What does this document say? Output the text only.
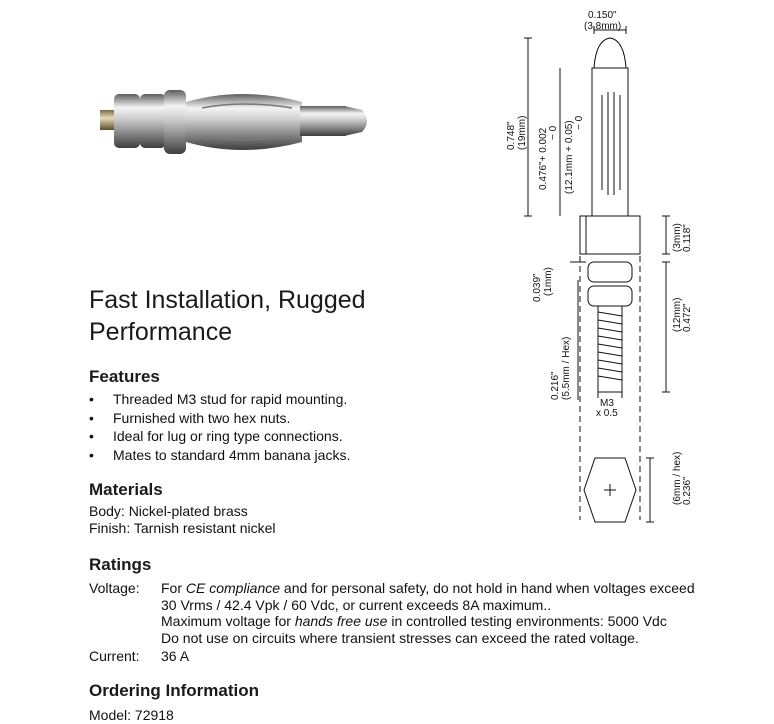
0.150"
(3.8mm)
0.748" (19mm) 0.476"+ 0.002 − 0 (12.1mm + 0.05) − 0
0.118"
(3mm)
0.039" (1mm)
0.472"
(12mm)
0.216" (5.5mm / Hex)
M3
x 0.5
0.236"
(6mm / hex)
Fast Installation, Rugged
Performance
Features
• Threaded M3 stud for rapid mounting.
• Furnished with two hex nuts.
• Ideal for lug or ring type connections.
• Mates to standard 4mm banana jacks.
Materials
Body: Nickel-plated brass
Finish: Tarnish resistant nickel
Ratings
Voltage: For CE compliance and for personal safety, do not hold in hand when voltages exceed
30 Vrms / 42.4 Vpk / 60 Vdc, or current exceeds 8A maximum..
Maximum voltage for hands free use in controlled testing environments: 5000 Vdc
Do not use on circuits where transient stresses can exceed the rated voltage.
Current: 36 A
Ordering Information
Model: 72918
